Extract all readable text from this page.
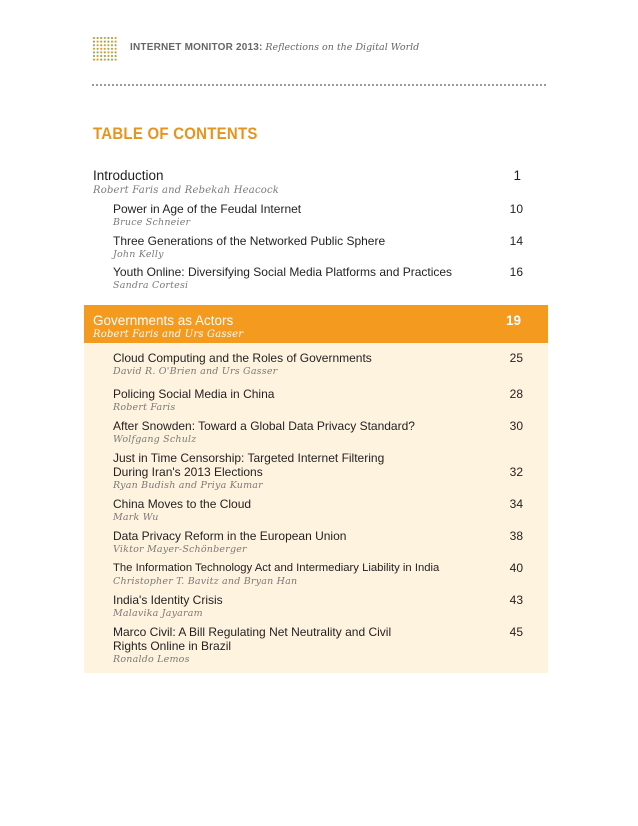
INTERNET MONITOR 2013: Reflections on the Digital World
TABLE OF CONTENTS
Introduction
Robert Faris and Rebekah Heacock
1
Power in Age of the Feudal Internet
Bruce Schneier
10
Three Generations of the Networked Public Sphere
John Kelly
14
Youth Online: Diversifying Social Media Platforms and Practices
Sandra Cortesi
16
Governments as Actors
Robert Faris and Urs Gasser
19
Cloud Computing and the Roles of Governments
David R. O'Brien and Urs Gasser
25
Policing Social Media in China
Robert Faris
28
After Snowden: Toward a Global Data Privacy Standard?
Wolfgang Schulz
30
Just in Time Censorship: Targeted Internet Filtering
During Iran's 2013 Elections
Ryan Budish and Priya Kumar
32
China Moves to the Cloud
Mark Wu
34
Data Privacy Reform in the European Union
Viktor Mayer-Schönberger
38
The Information Technology Act and Intermediary Liability in India
Christopher T. Bavitz and Bryan Han
40
India's Identity Crisis
Malavika Jayaram
43
Marco Civil: A Bill Regulating Net Neutrality and Civil
Rights Online in Brazil
Ronaldo Lemos
45
